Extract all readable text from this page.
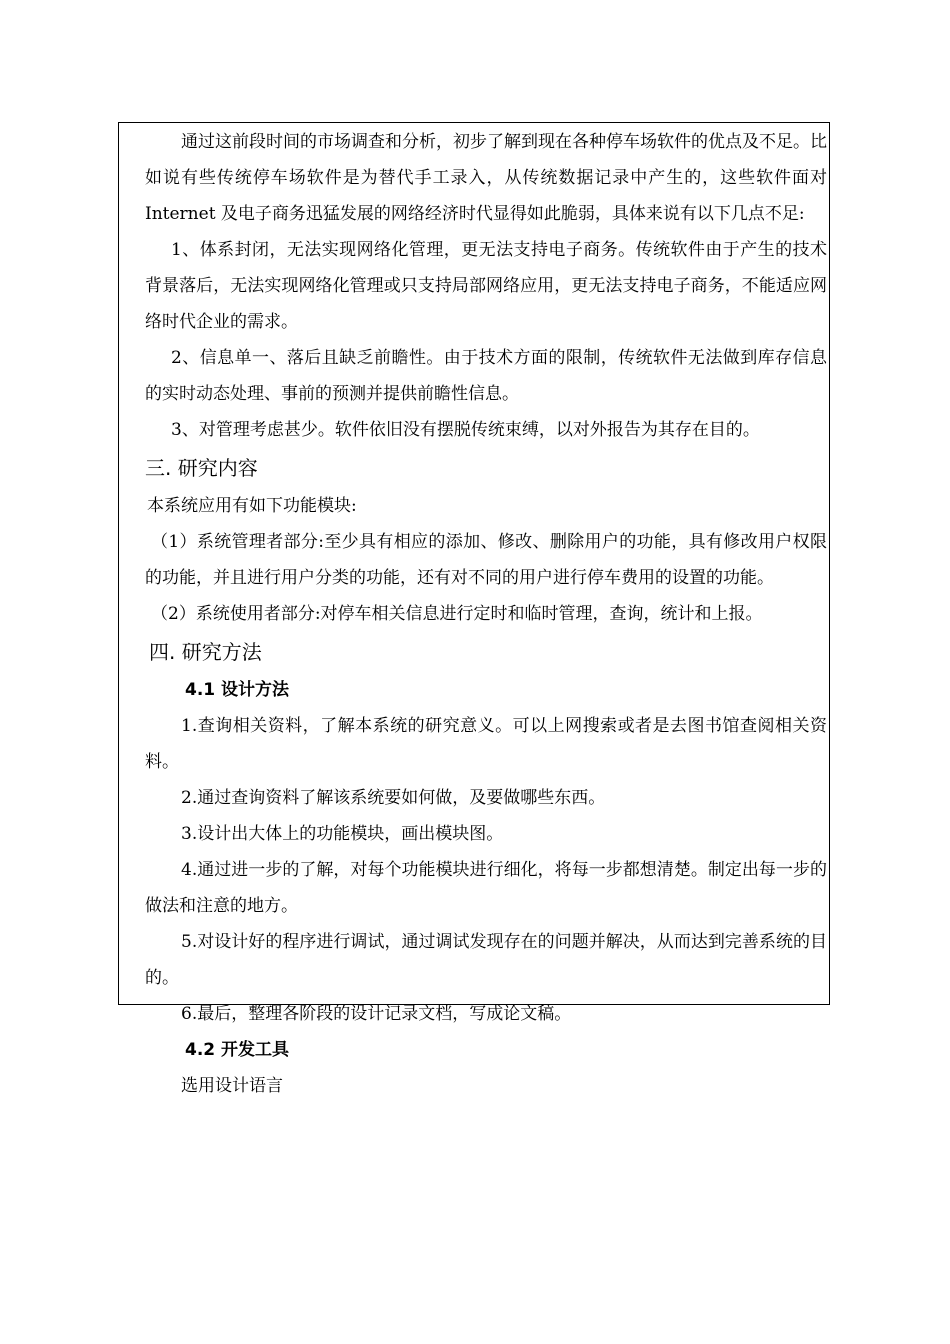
通过这前段时间的市场调查和分析，初步了解到现在各种停车场软件的优点及不足。比如说有些传统停车场软件是为替代手工录入，从传统数据记录中产生的，这些软件面对 Internet 及电子商务迅猛发展的网络经济时代显得如此脆弱，具体来说有以下几点不足:

1、体系封闭，无法实现网络化管理，更无法支持电子商务。传统软件由于产生的技术背景落后，无法实现网络化管理或只支持局部网络应用，更无法支持电子商务，不能适应网络时代企业的需求。

2、信息单一、落后且缺乏前瞻性。由于技术方面的限制，传统软件无法做到库存信息的实时动态处理、事前的预测并提供前瞻性信息。

3、对管理考虑甚少。软件依旧没有摆脱传统束缚，以对外报告为其存在目的。

三. 研究内容

本系统应用有如下功能模块:

（1）系统管理者部分:至少具有相应的添加、修改、删除用户的功能，具有修改用户权限的功能，并且进行用户分类的功能，还有对不同的用户进行停车费用的设置的功能。

（2）系统使用者部分:对停车相关信息进行定时和临时管理，查询，统计和上报。

四. 研究方法
4.1 设计方法

1.查询相关资料，了解本系统的研究意义。可以上网搜索或者是去图书馆查阅相关资料。

2.通过查询资料了解该系统要如何做，及要做哪些东西。

3.设计出大体上的功能模块，画出模块图。

4.通过进一步的了解，对每个功能模块进行细化，将每一步都想清楚。制定出每一步的做法和注意的地方。

5.对设计好的程序进行调试，通过调试发现存在的问题并解决，从而达到完善系统的目的。

6.最后，整理各阶段的设计记录文档，写成论文稿。

4.2 开发工具

选用设计语言
